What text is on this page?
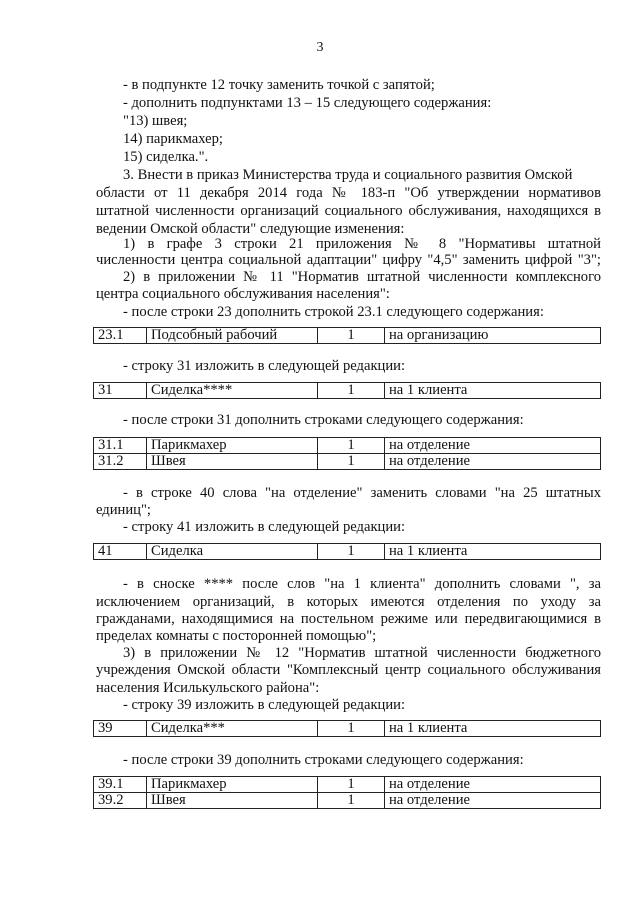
3
- в подпункте 12 точку заменить точкой с запятой;
- дополнить подпунктами 13 – 15 следующего содержания:
"13) швея;
14) парикмахер;
15) сиделка.".
3. Внести в приказ Министерства труда и социального развития Омской
области от 11 декабря 2014 года № 183-п "Об утверждении нормативов
штатной численности организаций социального обслуживания, находящихся в
ведении Омской области" следующие изменения:
1) в графе 3 строки 21 приложения № 8 "Нормативы штатной
численности центра социальной адаптации" цифру "4,5" заменить цифрой "3";
2) в приложении № 11 "Норматив штатной численности комплексного
центра социального обслуживания населения":
- после строки 23 дополнить строкой 23.1 следующего содержания:
23.1	Подсобный рабочий	1	на организацию
- строку 31 изложить в следующей редакции:
31	Сиделка****	1	на 1 клиента
- после строки 31 дополнить строками следующего содержания:
31.1	Парикмахер	1	на отделение
31.2	Швея	1	на отделение
- в строке 40 слова "на отделение" заменить словами "на 25 штатных
единиц";
- строку 41 изложить в следующей редакции:
41	Сиделка	1	на 1 клиента
- в сноске **** после слов "на 1 клиента" дополнить словами ", за
исключением организаций, в которых имеются отделения по уходу за
гражданами, находящимися на постельном режиме или передвигающимися в
пределах комнаты с посторонней помощью";
3) в приложении № 12 "Норматив штатной численности бюджетного
учреждения Омской области "Комплексный центр социального обслуживания
населения Исилькульского района":
- строку 39 изложить в следующей редакции:
39	Сиделка***	1	на 1 клиента
- после строки 39 дополнить строками следующего содержания:
39.1	Парикмахер	1	на отделение
39.2	Швея	1	на отделение
